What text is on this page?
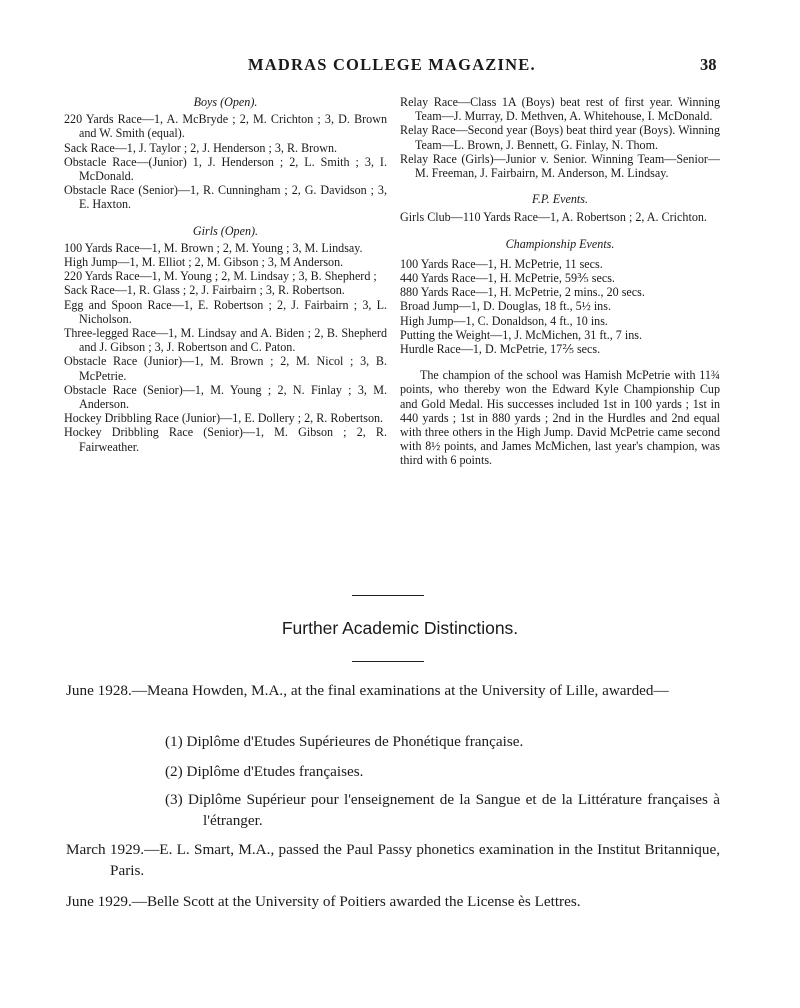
MADRAS COLLEGE MAGAZINE.	38

Boys (Open).

220 Yards Race—1, A. McBryde ; 2, M. Crichton ; 3, D. Brown and W. Smith (equal).

Sack Race—1, J. Taylor ; 2, J. Henderson ; 3, R. Brown.

Obstacle Race—(Junior) 1, J. Henderson ; 2, L. Smith ; 3, I. McDonald.

Obstacle Race (Senior)—1, R. Cunningham ; 2, G. Davidson ; 3, E. Haxton.

Girls (Open).

100 Yards Race—1, M. Brown ; 2, M. Young ; 3, M. Lindsay.

High Jump—1, M. Elliot ; 2, M. Gibson ; 3, M Anderson.

220 Yards Race—1, M. Young ; 2, M. Lindsay ; 3, B. Shepherd ;

Sack Race—1, R. Glass ; 2, J. Fairbairn ; 3, R. Robertson.

Egg and Spoon Race—1, E. Robertson ; 2, J. Fairbairn ; 3, L. Nicholson.

Three-legged Race—1, M. Lindsay and A. Biden ; 2, B. Shepherd and J. Gibson ; 3, J. Robertson and C. Paton.

Obstacle Race (Junior)—1, M. Brown ; 2, M. Nicol ; 3, B. McPetrie.

Obstacle Race (Senior)—1, M. Young ; 2, N. Finlay ; 3, M. Anderson.

Hockey Dribbling Race (Junior)—1, E. Dollery ; 2, R. Robertson.

Hockey Dribbling Race (Senior)—1, M. Gibson ; 2, R. Fairweather.

Relay Race—Class 1A (Boys) beat rest of first year. Winning Team—J. Murray, D. Methven, A. Whitehouse, I. McDonald.

Relay Race—Second year (Boys) beat third year (Boys). Winning Team—L. Brown, J. Bennett, G. Finlay, N. Thom.

Relay Race (Girls)—Junior v. Senior. Winning Team—Senior—M. Freeman, J. Fairbairn, M. Anderson, M. Lindsay.

F.P. Events.

Girls Club—110 Yards Race—1, A. Robertson ; 2, A. Crichton.

Championship Events.

100 Yards Race—1, H. McPetrie, 11 secs.

440 Yards Race—1, H. McPetrie, 59⅗ secs.

880 Yards Race—1, H. McPetrie, 2 mins., 20 secs.

Broad Jump—1, D. Douglas, 18 ft., 5½ ins.

High Jump—1, C. Donaldson, 4 ft., 10 ins.

Putting the Weight—1, J. McMichen, 31 ft., 7 ins.

Hurdle Race—1, D. McPetrie, 17⅖ secs.

The champion of the school was Hamish McPetrie with 11¾ points, who thereby won the Edward Kyle Championship Cup and Gold Medal. His successes included 1st in 100 yards ; 1st in 440 yards ; 1st in 880 yards ; 2nd in the Hurdles and 2nd equal with three others in the High Jump. David McPetrie came second with 8½ points, and James McMichen, last year's champion, was third with 6 points.

Further Academic Distinctions.

June 1928.—Meana Howden, M.A., at the final examinations at the University of Lille, awarded—

(1) Diplôme d'Etudes Supérieures de Phonétique française.

(2) Diplôme d'Etudes françaises.

(3) Diplôme Supérieur pour l'enseignement de la Sangue et de la Littérature françaises à l'étranger.

March 1929.—E. L. Smart, M.A., passed the Paul Passy phonetics examination in the Institut Britannique, Paris.

June 1929.—Belle Scott at the University of Poitiers awarded the License ès Lettres.
